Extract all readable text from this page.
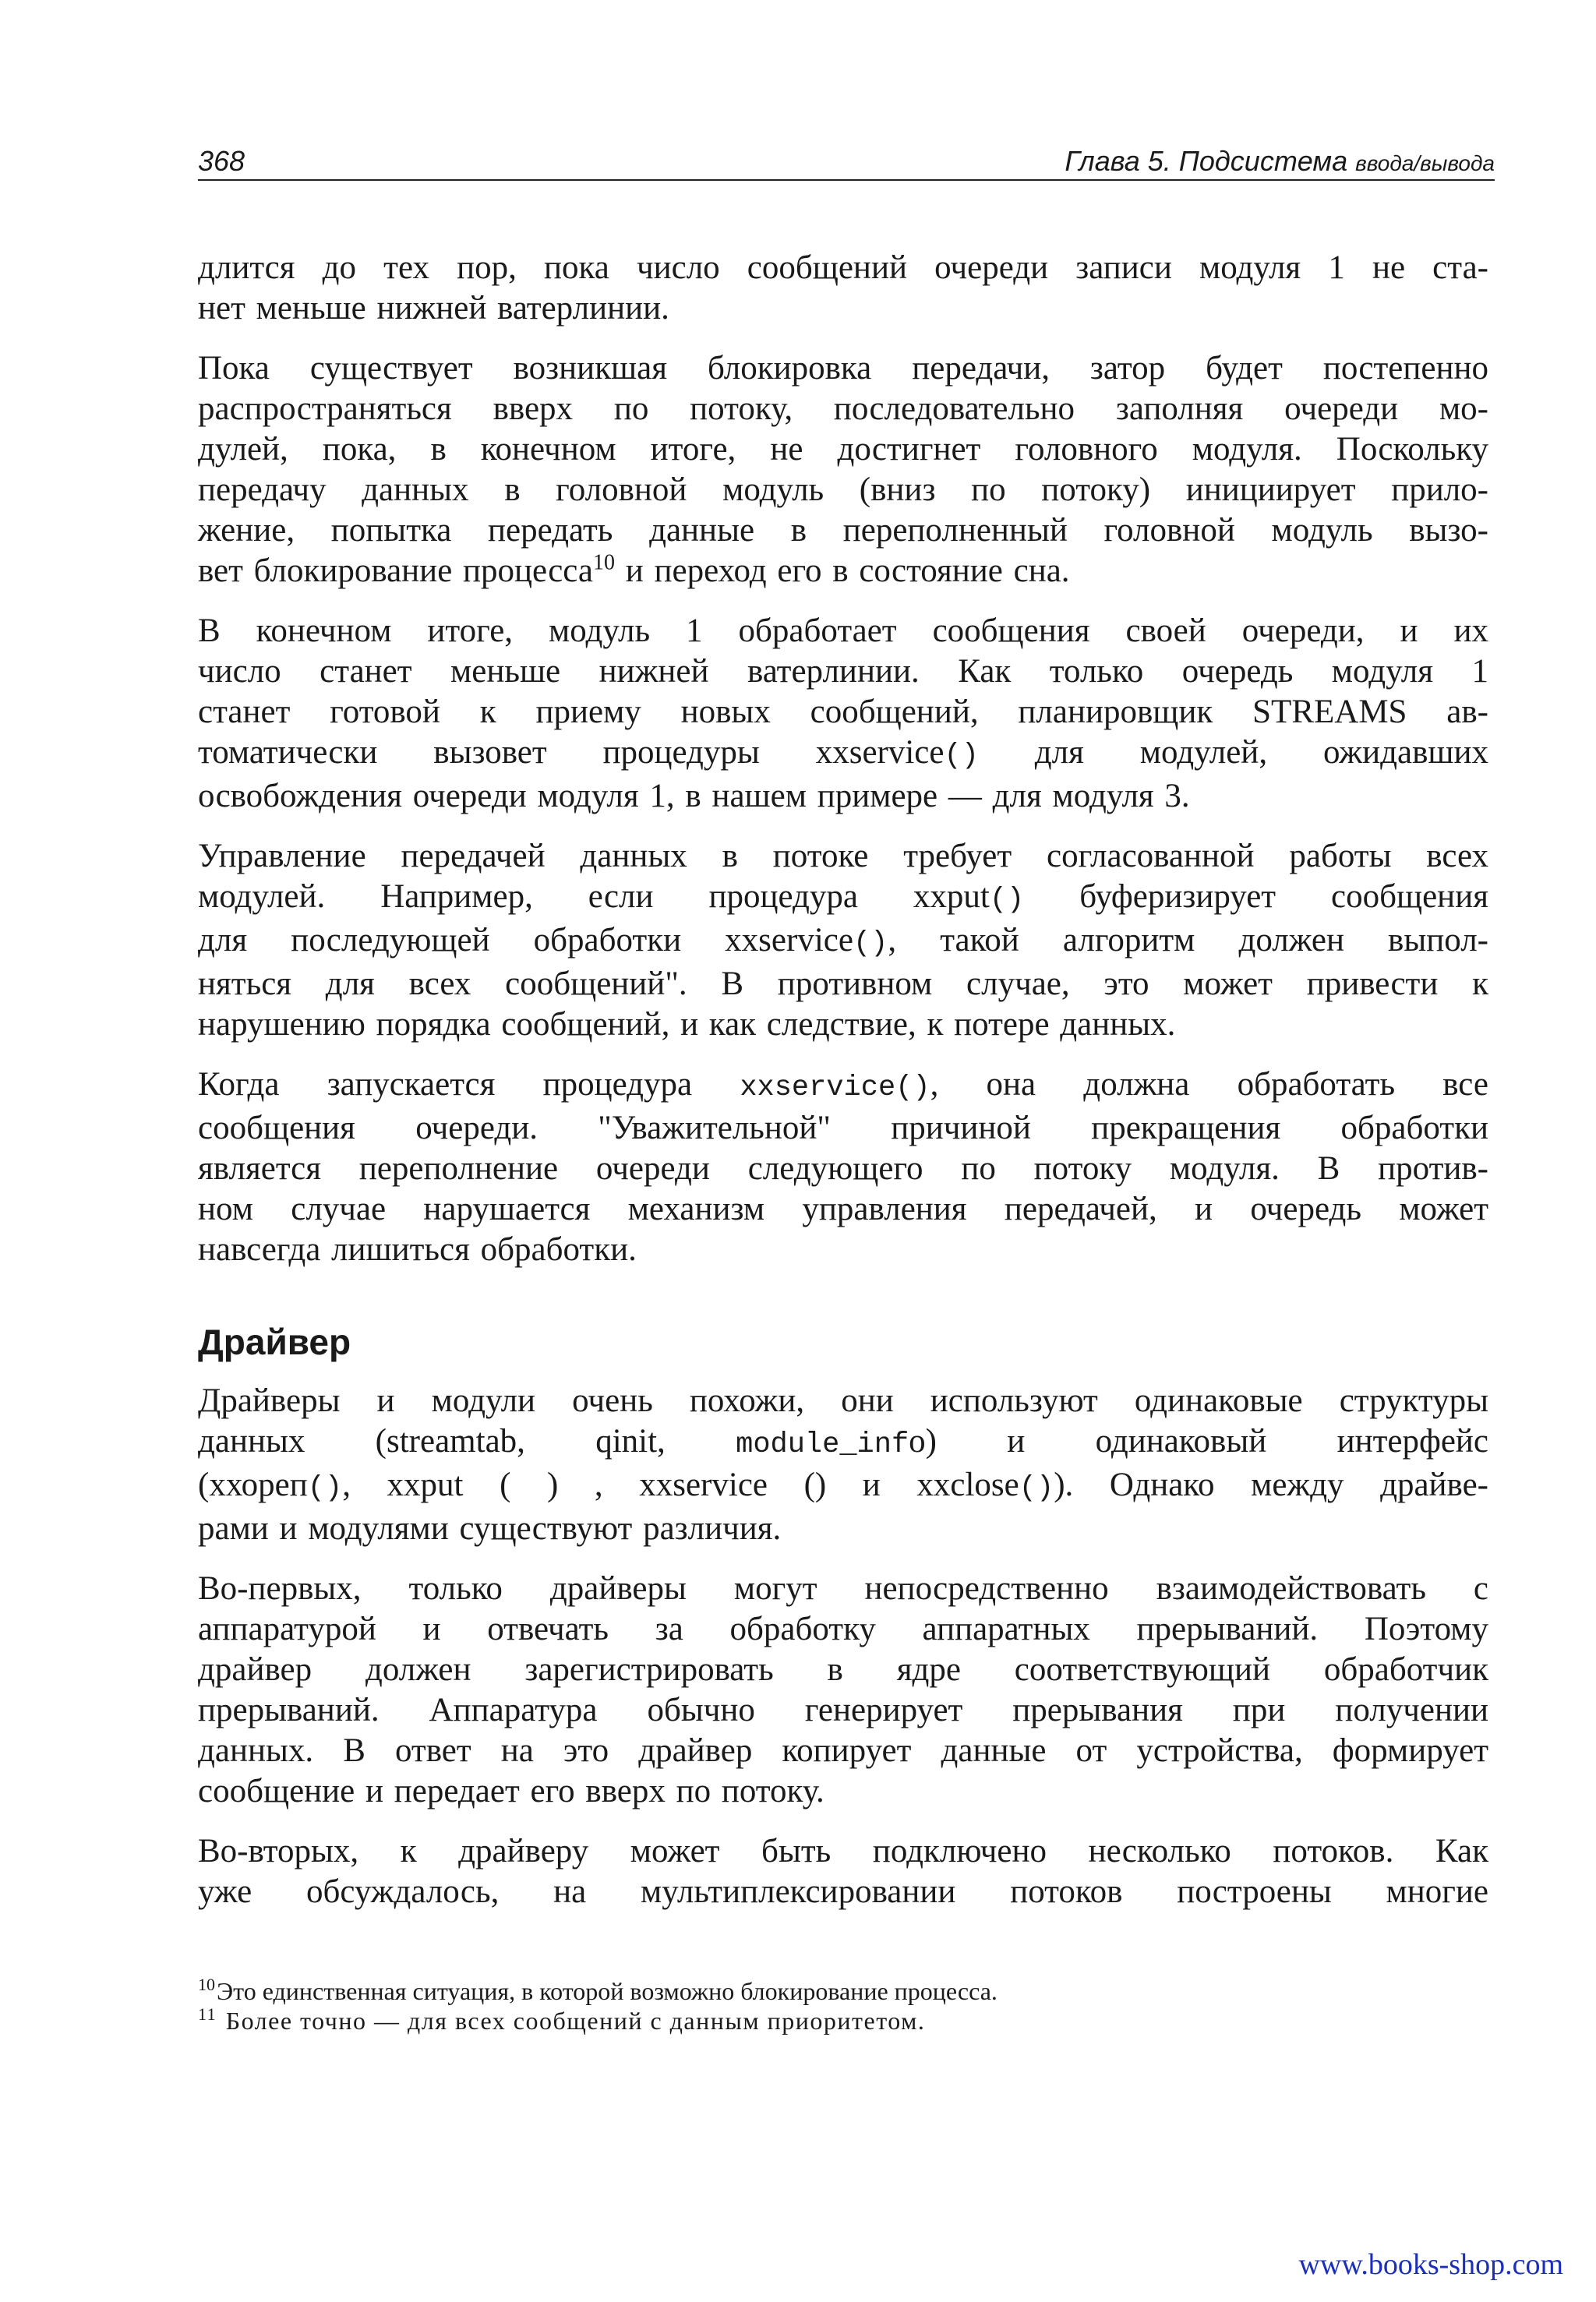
368	Глава 5. Подсистема ввода/вывода
длится до тех пор, пока число сообщений очереди записи модуля 1 не ста-
нет меньше нижней ватерлинии.
Пока существует возникшая блокировка передачи, затор будет постепенно
распространяться вверх по потоку, последовательно заполняя очереди мо-
дулей, пока, в конечном итоге, не достигнет головного модуля. Поскольку
передачу данных в головной модуль (вниз по потоку) инициирует прило-
жение, попытка передать данные в переполненный головной модуль вызо-
вет блокирование процесса$^{10}$ и переход его в состояние сна.
В конечном итоге, модуль 1 обработает сообщения своей очереди, и их
число станет меньше нижней ватерлинии. Как только очередь модуля 1
станет готовой к приему новых сообщений, планировщик STREAMS ав-
томатически вызовет процедуры xxservice() для модулей, ожидавших
освобождения очереди модуля 1, в нашем примере — для модуля 3.
Управление передачей данных в потоке требует согласованной работы всех
модулей. Например, если процедура xxput() буферизирует сообщения
для последующей обработки xxservice(), такой алгоритм должен выпол-
няться для всех сообщений". В противном случае, это может привести к
нарушению порядка сообщений, и как следствие, к потере данных.
Когда запускается процедура xxservice(), она должна обработать все
сообщения очереди. "Уважительной" причиной прекращения обработки
является переполнение очереди следующего по потоку модуля. В против-
ном случае нарушается механизм управления передачей, и очередь может
навсегда лишиться обработки.
Драйвер
Драйверы и модули очень похожи, они используют одинаковые структуры
данных (streamtab, qinit, module_info) и одинаковый интерфейс
(ххореп(), xxput ( ) , xxservice () и xxclose()). Однако между драйве-
рами и модулями существуют различия.
Во-первых, только драйверы могут непосредственно взаимодействовать с
аппаратурой и отвечать за обработку аппаратных прерываний. Поэтому
драйвер должен зарегистрировать в ядре соответствующий обработчик
прерываний. Аппаратура обычно генерирует прерывания при получении
данных. В ответ на это драйвер копирует данные от устройства, формирует
сообщение и передает его вверх по потоку.
Во-вторых, к драйверу может быть подключено несколько потоков. Как
уже обсуждалось, на мультиплексировании потоков построены многие

$^{10}$Это единственная ситуация, в которой возможно блокирование процесса.

$^{11}$ Более точно — для всех сообщений с данным приоритетом.

www.books-shop.com
